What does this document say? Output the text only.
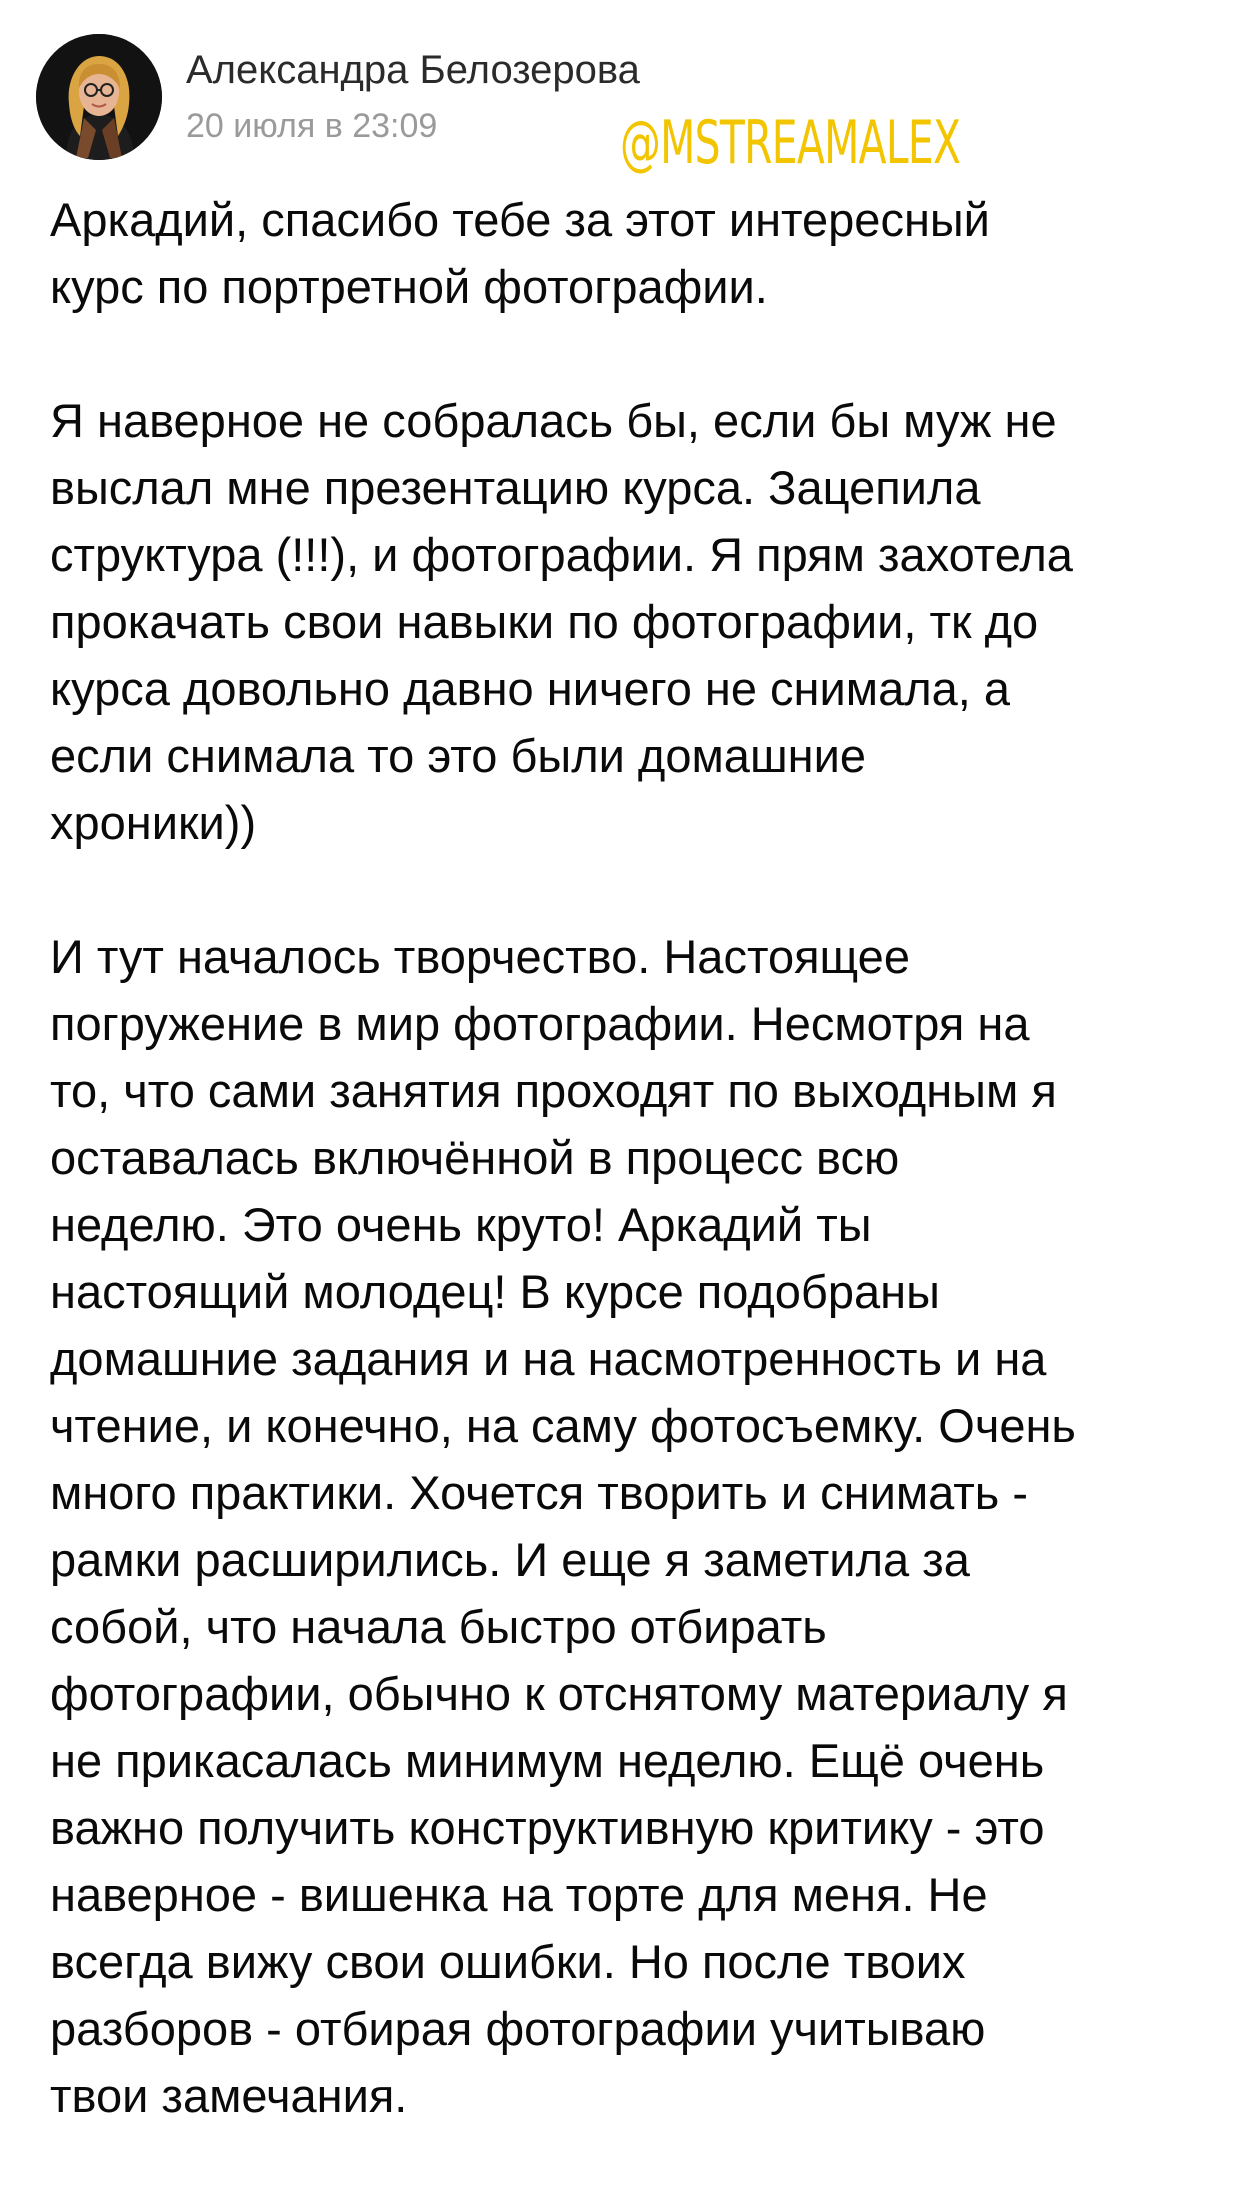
Александра Белозерова
20 июля в 23:09	@MSTREAMALEX

Аркадий, спасибо тебе за этот интересный
курс по портретной фотографии.

Я наверное не собралась бы, если бы муж не
выслал мне презентацию курса. Зацепила
структура (!!!), и фотографии. Я прям захотела
прокачать свои навыки по фотографии, тк до
курса довольно давно ничего не снимала, а
если снимала то это были домашние
хроники))

И тут началось творчество. Настоящее
погружение в мир фотографии. Несмотря на
то, что сами занятия проходят по выходным я
оставалась включённой в процесс всю
неделю. Это очень круто! Аркадий ты
настоящий молодец! В курсе подобраны
домашние задания и на насмотренность и на
чтение, и конечно, на саму фотосъемку. Очень
много практики. Хочется творить и снимать -
рамки расширились. И еще я заметила за
собой, что начала быстро отбирать
фотографии, обычно к отснятому материалу я
не прикасалась минимум неделю. Ещё очень
важно получить конструктивную критику - это
наверное - вишенка на торте для меня. Не
всегда вижу свои ошибки. Но после твоих
разборов - отбирая фотографии учитываю
твои замечания.
